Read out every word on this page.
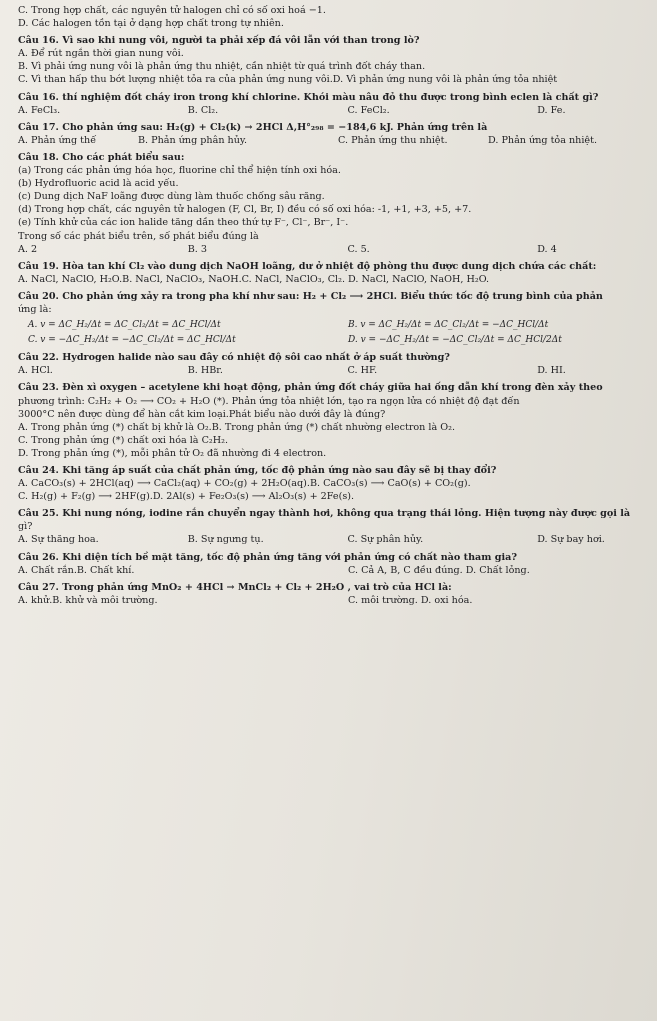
C. Trong hợp chất, các nguyên tử halogen chỉ có số oxi hoá −1.
D. Các halogen tồn tại ở dạng hợp chất trong tự nhiên.
Câu 16. Vì sao khi nung vôi, người ta phải xếp đá vôi lẫn với than trong lò?
A. Để rút ngắn thời gian nung vôi.
B. Vì phải ứng nung vôi là phản ứng thu nhiệt, cần nhiệt từ quá trình đốt cháy than.
C. Vì than hấp thu bớt lượng nhiệt tỏa ra của phản ứng nung vôi.D. Vì phản ứng nung vôi là phản ứng tỏa nhiệt
Câu 16. thí nghiệm đốt cháy iron trong khí chlorine. Khói màu nâu đỏ thu được trong bình eclen là chất gì?
A. FeCl₃.	B. Cl₂.	C. FeCl₂.	D. Fe.
Câu 17. Cho phản ứng sau: H₂(g) + Cl₂(k) → 2HCl Δ,H°₂₉₈ = −184,6 kJ. Phản ứng trên là
A. Phản ứng thế	B. Phản ứng phân hủy.	C. Phản ứng thu nhiệt.	D. Phản ứng tỏa nhiệt.
Câu 18. Cho các phát biểu sau:
(a) Trong các phản ứng hóa học, fluorine chỉ thể hiện tính oxi hóa.
(b) Hydrofluoric acid là acid yếu.
(c) Dung dịch NaF loãng được dùng làm thuốc chống sâu răng.
(d) Trong hợp chất, các nguyên tử halogen (F, Cl, Br, I) đều có số oxi hóa: -1, +1, +3, +5, +7.
(e) Tính khử của các ion halide tăng dần theo thứ tự F⁻, Cl⁻, Br⁻, I⁻.
Trong số các phát biểu trên, số phát biểu đúng là
A. 2	B. 3	C. 5.	D. 4
Câu 19. Hòa tan khí Cl₂ vào dung dịch NaOH loãng, dư ở nhiệt độ phòng thu được dung dịch chứa các chất:
A. NaCl, NaClO, H₂O.B. NaCl, NaClO₃, NaOH.C. NaCl, NaClO₃, Cl₂. D. NaCl, NaClO, NaOH, H₂O.
Câu 20. Cho phản ứng xảy ra trong pha khí như sau: H₂ + Cl₂ ⟶ 2HCl. Biểu thức tốc độ trung bình của phản
ứng là:
A. v = ΔC_H₂/Δt = ΔC_Cl₂/Δt = ΔC_HCl/Δt	B. v = ΔC_H₂/Δt = ΔC_Cl₂/Δt = −ΔC_HCl/Δt
C. v = −ΔC_H₂/Δt = −ΔC_Cl₂/Δt = ΔC_HCl/Δt	D. v = −ΔC_H₂/Δt = −ΔC_Cl₂/Δt = ΔC_HCl/2Δt
Câu 22. Hydrogen halide nào sau đây có nhiệt độ sôi cao nhất ở áp suất thường?
A. HCl.	B. HBr.	C. HF.	D. HI.
Câu 23. Đèn xì oxygen – acetylene khi hoạt động, phản ứng đốt cháy giữa hai ống dẫn khí trong đèn xảy theo
phương trình: C₂H₂ + O₂ ⟶ CO₂ + H₂O (*). Phản ứng tỏa nhiệt lớn, tạo ra ngọn lửa có nhiệt độ đạt đến
3000°C nên được dùng để hàn cắt kim loại.Phát biểu nào dưới đây là đúng?
A. Trong phản ứng (*) chất bị khử là O₂.B. Trong phản ứng (*) chất nhường electron là O₂.
C. Trong phản ứng (*) chất oxi hóa là C₂H₂.
D. Trong phản ứng (*), mỗi phân tử O₂ đã nhường đi 4 electron.
Câu 24. Khi tăng áp suất của chất phản ứng, tốc độ phản ứng nào sau đây sẽ bị thay đổi?
A. CaCO₃(s) + 2HCl(aq) ⟶ CaCl₂(aq) + CO₂(g) + 2H₂O(aq).B. CaCO₃(s) ⟶ CaO(s) + CO₂(g).
C. H₂(g) + F₂(g) ⟶ 2HF(g).D. 2Al(s) + Fe₂O₃(s) ⟶ Al₂O₃(s) + 2Fe(s).
Câu 25. Khi nung nóng, iodine rắn chuyển ngay thành hơi, không qua trạng thái lỏng. Hiện tượng này được gọi là
gì?
A. Sự thăng hoa.	B. Sự ngưng tụ.	C. Sự phân hủy.	D. Sự bay hơi.
Câu 26. Khi diện tích bề mặt tăng, tốc độ phản ứng tăng với phản ứng có chất nào tham gia?
A. Chất rắn.B. Chất khí.	C. Cả A, B, C đều đúng. D. Chất lỏng.
Câu 27. Trong phản ứng MnO₂ + 4HCl → MnCl₂ + Cl₂ + 2H₂O , vai trò của HCl là:
A. khử.B. khử và môi trường.	C. môi trường. D. oxi hóa.
